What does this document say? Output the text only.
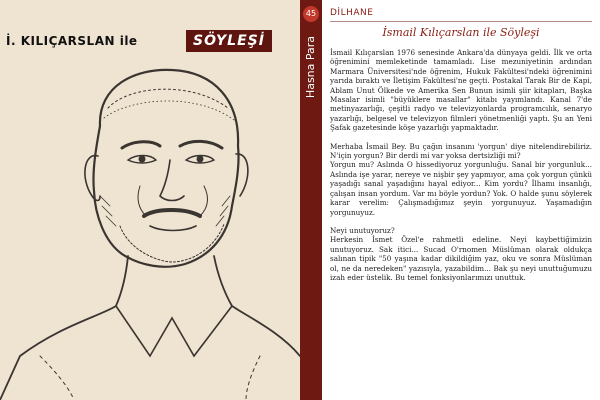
İ. KILIÇARSLAN ile	SÖYLEŞİ
45
Hasna Para
DİLHANE
İsmail Kılıçarslan ile Söyleşi

İsmail Kılıçarslan 1976 senesinde Ankara'da dünyaya geldi. İlk ve orta öğrenimini memleketinde tamamladı. Lise mezuniyetinin ardından Marmara Üniversitesi'nde öğrenim, Hukuk Fakültesi'ndeki öğrenimini yarıda bıraktı ve İletişim Fakültesi'ne geçti. Postakal Tarak Bir de Kapi, Ablam Unut Ölkede ve Amerika Sen Bunun isimli şiir kitapları, Başka Masalar isimli "büyüklere masallar" kitabı yayımlandı. Kanal 7'de metinyazarlığı, çeşitli radyo ve televizyonlarda programcılık, senaryo yazarlığı, belgesel ve televizyon filmleri yönetmenliği yaptı. Şu an Yeni Şafak gazetesinde köşe yazarlığı yapmaktadır.

Merhaba İsmail Bey. Bu çağın insanını 'yorgun' diye nitelendirebiliriz. N'için yorgun? Bir derdi mi var yoksa dertsizliği mi?

Yorgun mu? Aslında O hissediyoruz yorgunluğu. Sanal bir yorgunluk... Aslında işe yarar, nereye ve nişbir şey yapmıyor, ama çok yorgun çünkü yaşadığı sanal yaşadığını hayal ediyor... Kim yordu? İlhamı insanlığı, çalışan insan yordum. Var mı böyle yordun? Yok. O halde şunu söylerek karar verelim: Çalışmadığımız şeyin yorgunuyuz. Yaşamadığın yorgunuyuz.

Neyi unutuyoruz?

Herkesin İsmet Özel'e rahmetli edeline. Neyi kaybettiğimizin unutuyoruz. Sak itici... Sucad O'rnomen Müslüman olarak oldukça salınan tipik "50 yaşına kadar dikildiğim yaz, oku ve sonra Müslüman ol, ne da neredeken" yazısıyla, yazabildim... Bak şu neyi unuttuğumuzu izah eder üstelik. Bu temel fonksiyonlarımızı unuttuk.
